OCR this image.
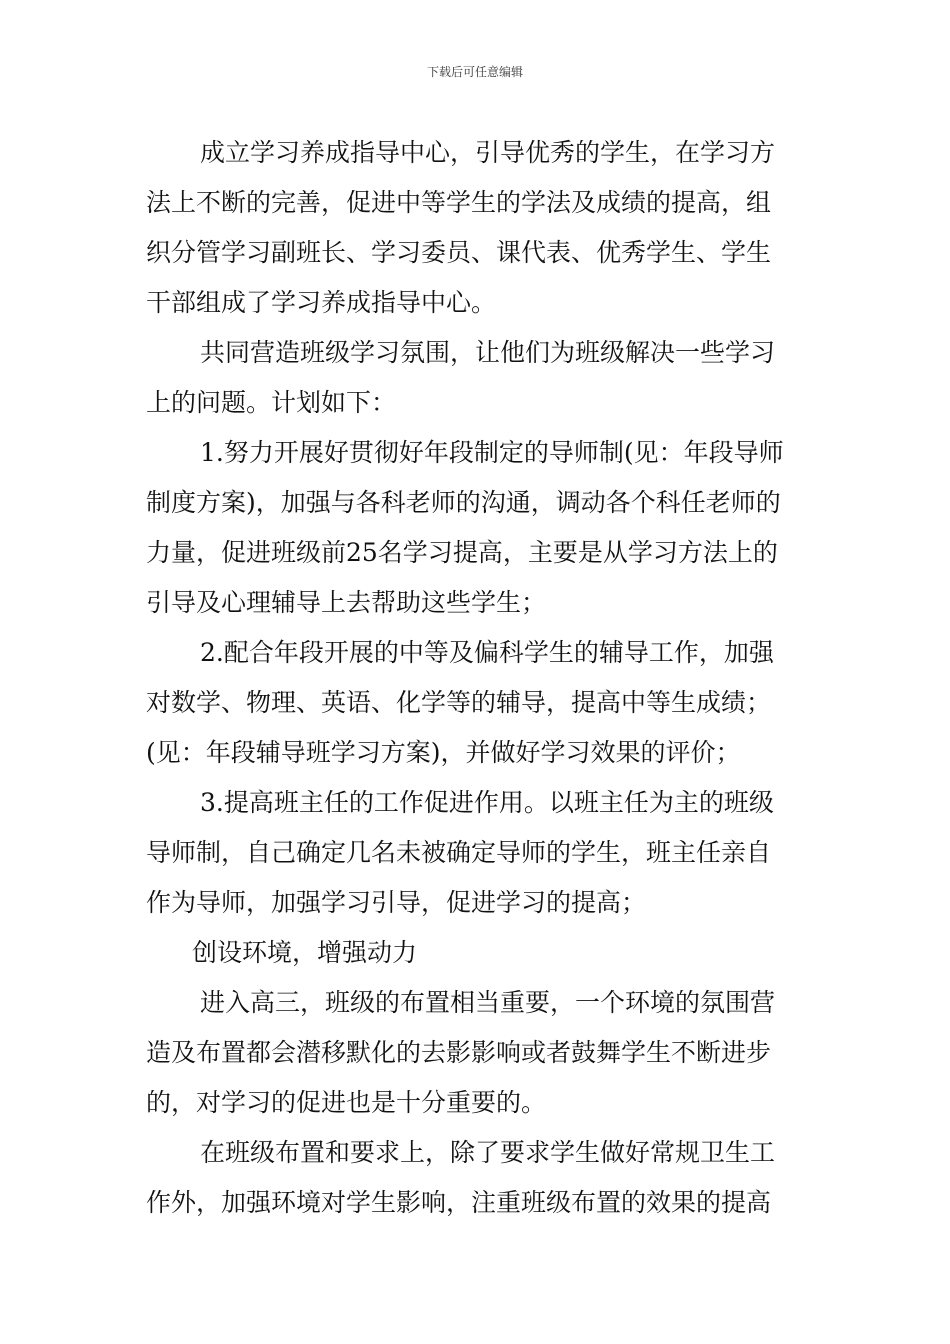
下载后可任意编辑
成立学习养成指导中心，引导优秀的学生，在学习方
法上不断的完善，促进中等学生的学法及成绩的提高，组
织分管学习副班长、学习委员、课代表、优秀学生、学生
干部组成了学习养成指导中心。
共同营造班级学习氛围，让他们为班级解决一些学习
上的问题。计划如下：
1.努力开展好贯彻好年段制定的导师制(见：年段导师
制度方案)，加强与各科老师的沟通，调动各个科任老师的
力量，促进班级前25名学习提高，主要是从学习方法上的
引导及心理辅导上去帮助这些学生；
2.配合年段开展的中等及偏科学生的辅导工作，加强
对数学、物理、英语、化学等的辅导，提高中等生成绩；
(见：年段辅导班学习方案)，并做好学习效果的评价；
3.提高班主任的工作促进作用。以班主任为主的班级
导师制，自己确定几名未被确定导师的学生，班主任亲自
作为导师，加强学习引导，促进学习的提高；
创设环境，增强动力
进入高三，班级的布置相当重要，一个环境的氛围营
造及布置都会潜移默化的去影影响或者鼓舞学生不断进步
的，对学习的促进也是十分重要的。
在班级布置和要求上，除了要求学生做好常规卫生工
作外，加强环境对学生影响，注重班级布置的效果的提高
